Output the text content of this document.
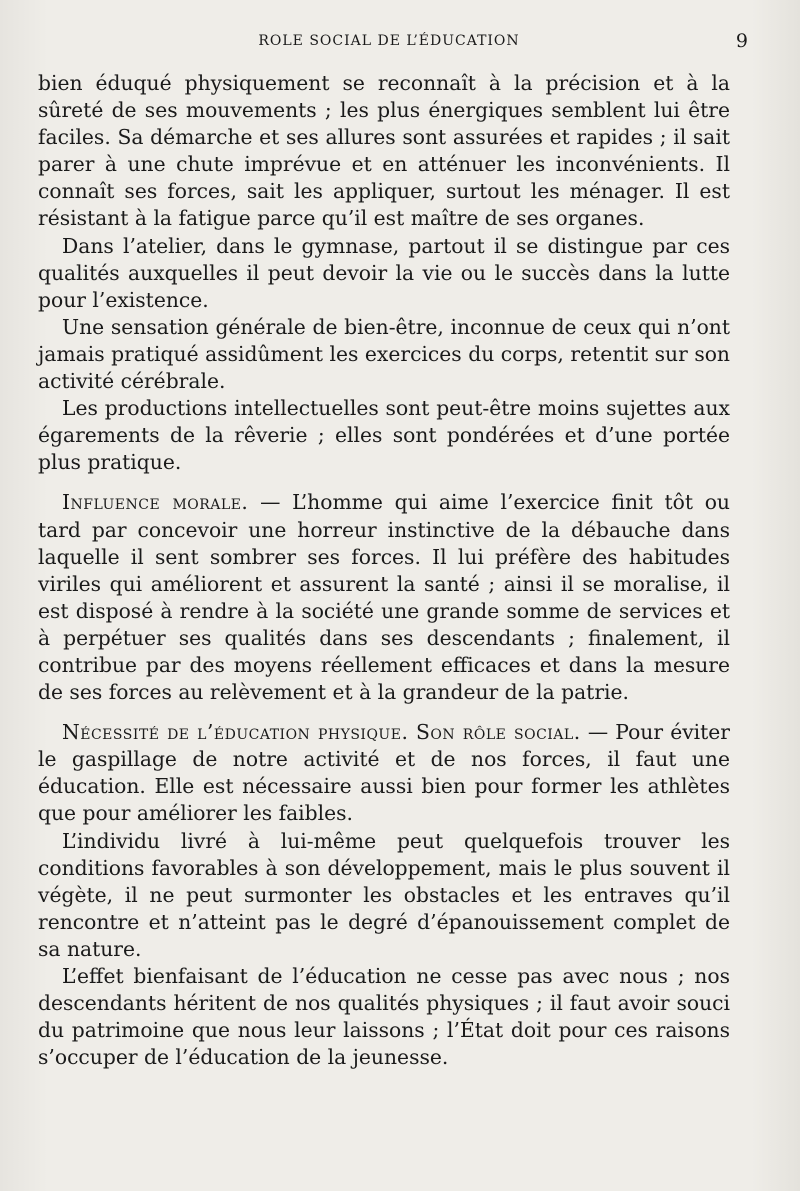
ROLE SOCIAL DE L’ÉDUCATION	9

bien éduqué physiquement se reconnaît à la précision et à la sûreté de ses mouvements ; les plus énergiques semblent lui être faciles. Sa démarche et ses allures sont assurées et rapides ; il sait parer à une chute imprévue et en atténuer les inconvénients. Il connaît ses forces, sait les appliquer, surtout les ménager. Il est résistant à la fatigue parce qu’il est maître de ses organes.

Dans l’atelier, dans le gymnase, partout il se distingue par ces qualités auxquelles il peut devoir la vie ou le succès dans la lutte pour l’existence.

Une sensation générale de bien-être, inconnue de ceux qui n’ont jamais pratiqué assidûment les exercices du corps, retentit sur son activité cérébrale.

Les productions intellectuelles sont peut-être moins sujettes aux égarements de la rêverie ; elles sont pondérées et d’une portée plus pratique.

Influence morale. — L’homme qui aime l’exercice finit tôt ou tard par concevoir une horreur instinctive de la débauche dans laquelle il sent sombrer ses forces. Il lui préfère des habitudes viriles qui améliorent et assurent la santé ; ainsi il se moralise, il est disposé à rendre à la société une grande somme de services et à perpétuer ses qualités dans ses descendants ; finalement, il contribue par des moyens réellement efficaces et dans la mesure de ses forces au relèvement et à la grandeur de la patrie.

Nécessité de l’éducation physique. Son rôle social. — Pour éviter le gaspillage de notre activité et de nos forces, il faut une éducation. Elle est nécessaire aussi bien pour former les athlètes que pour améliorer les faibles.

L’individu livré à lui-même peut quelquefois trouver les conditions favorables à son développement, mais le plus souvent il végète, il ne peut surmonter les obstacles et les entraves qu’il rencontre et n’atteint pas le degré d’épanouissement complet de sa nature.

L’effet bienfaisant de l’éducation ne cesse pas avec nous ; nos descendants héritent de nos qualités physiques ; il faut avoir souci du patrimoine que nous leur laissons ; l’État doit pour ces raisons s’occuper de l’éducation de la jeunesse.
